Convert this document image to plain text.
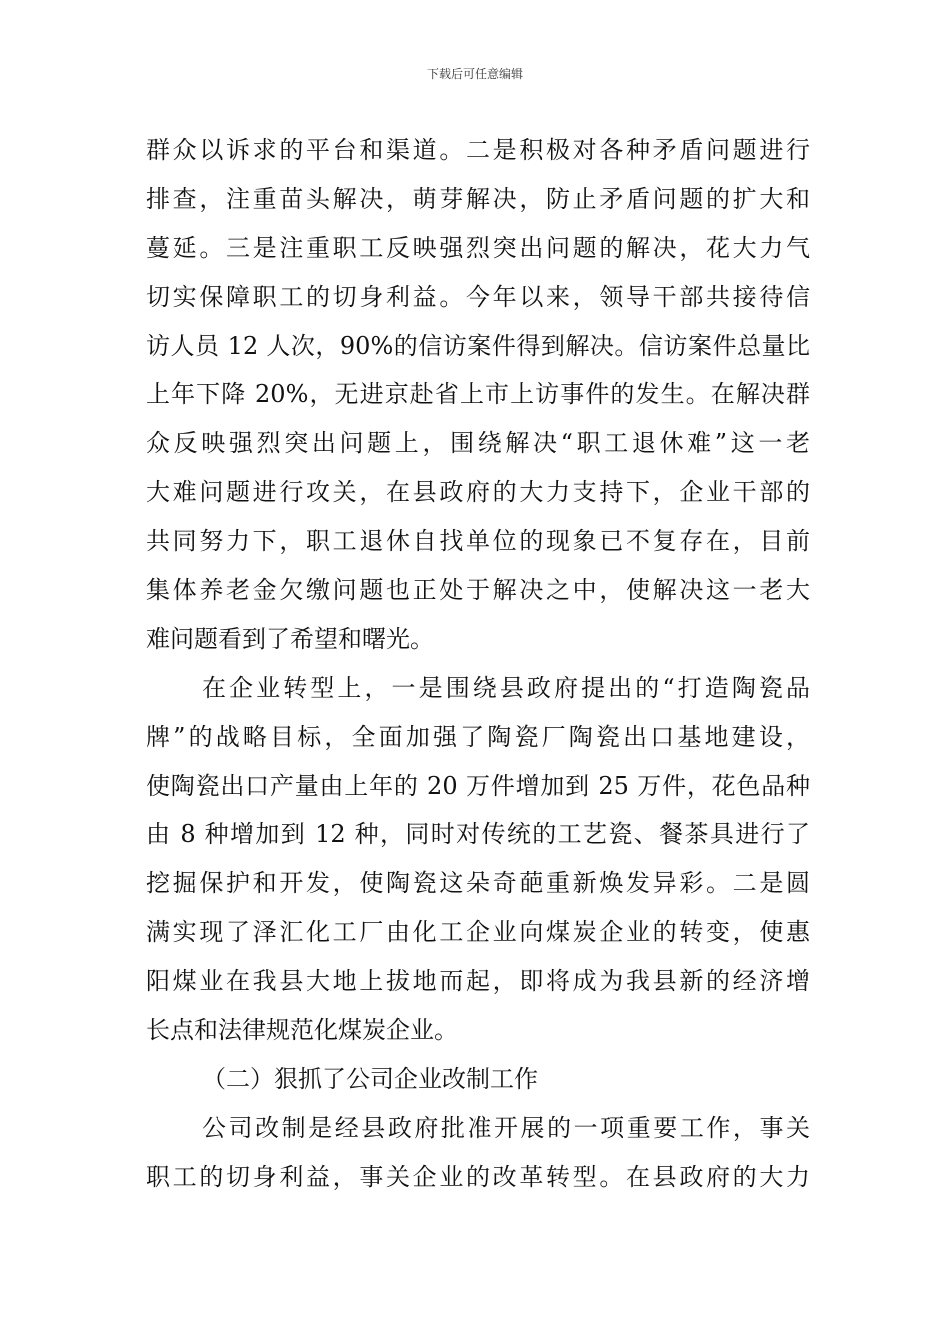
下载后可任意编辑
群众以诉求的平台和渠道。二是积极对各种矛盾问题进行
排查，注重苗头解决，萌芽解决，防止矛盾问题的扩大和
蔓延。三是注重职工反映强烈突出问题的解决，花大力气
切实保障职工的切身利益。今年以来，领导干部共接待信
访人员 12 人次，90%的信访案件得到解决。信访案件总量比
上年下降 20%，无进京赴省上市上访事件的发生。在解决群
众反映强烈突出问题上，围绕解决“职工退休难”这一老
大难问题进行攻关，在县政府的大力支持下，企业干部的
共同努力下，职工退休自找单位的现象已不复存在，目前
集体养老金欠缴问题也正处于解决之中，使解决这一老大
难问题看到了希望和曙光。
在企业转型上，一是围绕县政府提出的“打造陶瓷品
牌”的战略目标，全面加强了陶瓷厂陶瓷出口基地建设，
使陶瓷出口产量由上年的 20 万件增加到 25 万件，花色品种
由 8 种增加到 12 种，同时对传统的工艺瓷、餐茶具进行了
挖掘保护和开发，使陶瓷这朵奇葩重新焕发异彩。二是圆
满实现了泽汇化工厂由化工企业向煤炭企业的转变，使惠
阳煤业在我县大地上拔地而起，即将成为我县新的经济增
长点和法律规范化煤炭企业。
（二）狠抓了公司企业改制工作
公司改制是经县政府批准开展的一项重要工作，事关
职工的切身利益，事关企业的改革转型。在县政府的大力
